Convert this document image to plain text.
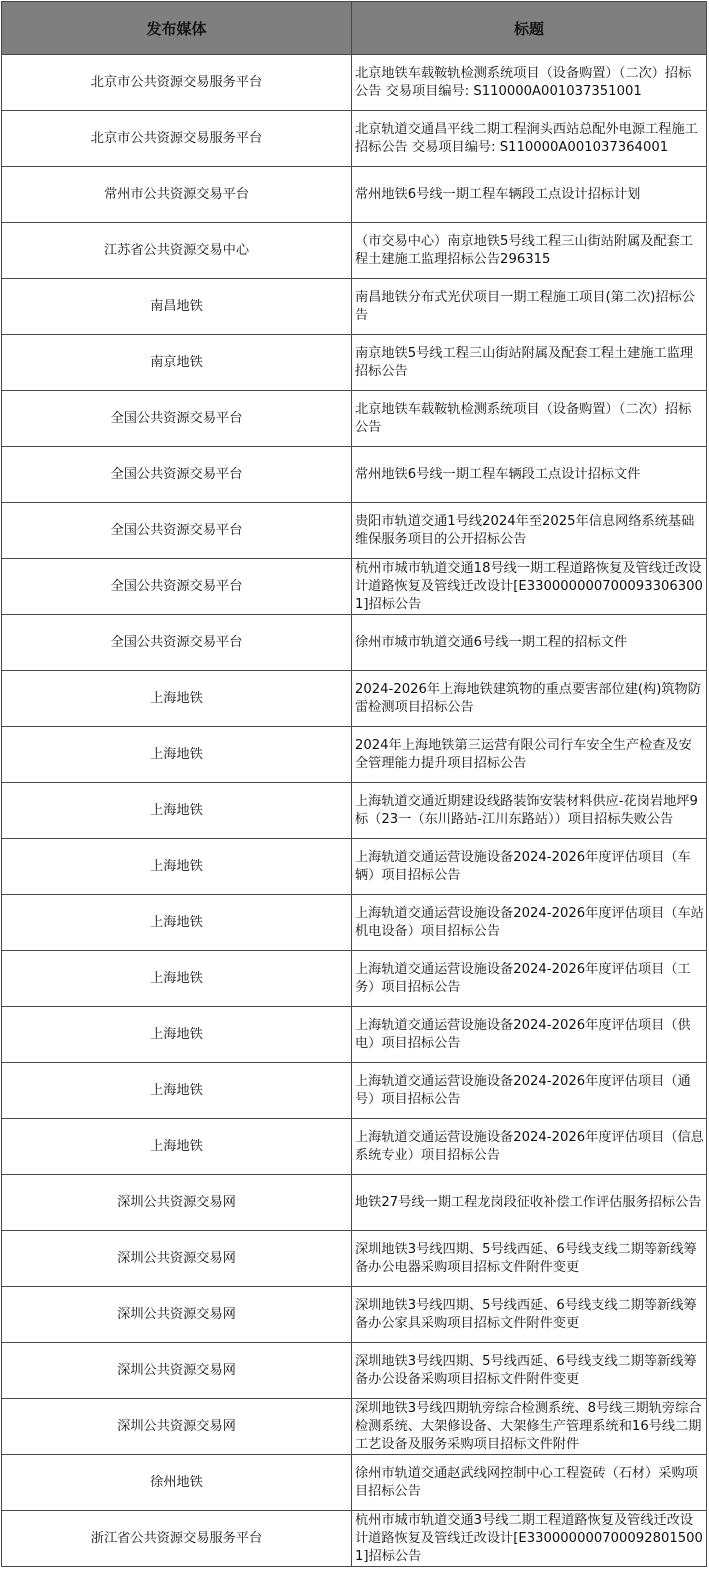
发布媒体	标题
北京市公共资源交易服务平台	北京地铁车载鞍轨检测系统项目（设备购置）（二次）招标公告 交易项目编号: S110000A001037351001

北京市公共资源交易服务平台	北京轨道交通昌平线二期工程涧头西站总配外电源工程施工招标公告 交易项目编号: S110000A001037364001

常州市公共资源交易平台	常州地铁6号线一期工程车辆段工点设计招标计划

江苏省公共资源交易中心	（市交易中心）南京地铁5号线工程三山街站附属及配套工程土建施工监理招标公告296315

南昌地铁	南昌地铁分布式光伏项目一期工程施工项目(第二次)招标公告

南京地铁	南京地铁5号线工程三山街站附属及配套工程土建施工监理招标公告

全国公共资源交易平台	北京地铁车载鞍轨检测系统项目（设备购置）（二次）招标公告

全国公共资源交易平台	常州地铁6号线一期工程车辆段工点设计招标文件

全国公共资源交易平台	贵阳市轨道交通1号线2024年至2025年信息网络系统基础维保服务项目的公开招标公告

全国公共资源交易平台	杭州市城市轨道交通18号线一期工程道路恢复及管线迁改设计道路恢复及管线迁改设计[E3300000007000933063001]招标公告

全国公共资源交易平台	徐州市城市轨道交通6号线一期工程的招标文件

上海地铁	2024-2026年上海地铁建筑物的重点要害部位建(构)筑物防雷检测项目招标公告

上海地铁	2024年上海地铁第三运营有限公司行车安全生产检查及安全管理能力提升项目招标公告

上海地铁	上海轨道交通近期建设线路装饰安装材料供应-花岗岩地坪9标（23一（东川路站-江川东路站））项目招标失败公告

上海地铁	上海轨道交通运营设施设备2024-2026年度评估项目（车辆）项目招标公告

上海地铁	上海轨道交通运营设施设备2024-2026年度评估项目（车站机电设备）项目招标公告

上海地铁	上海轨道交通运营设施设备2024-2026年度评估项目（工务）项目招标公告

上海地铁	上海轨道交通运营设施设备2024-2026年度评估项目（供电）项目招标公告

上海地铁	上海轨道交通运营设施设备2024-2026年度评估项目（通号）项目招标公告

上海地铁	上海轨道交通运营设施设备2024-2026年度评估项目（信息系统专业）项目招标公告

深圳公共资源交易网	地铁27号线一期工程龙岗段征收补偿工作评估服务招标公告

深圳公共资源交易网	深圳地铁3号线四期、5号线西延、6号线支线二期等新线筹备办公电器采购项目招标文件附件变更

深圳公共资源交易网	深圳地铁3号线四期、5号线西延、6号线支线二期等新线筹备办公家具采购项目招标文件附件变更

深圳公共资源交易网	深圳地铁3号线四期、5号线西延、6号线支线二期等新线筹备办公设备采购项目招标文件附件变更

深圳公共资源交易网	深圳地铁3号线四期轨旁综合检测系统、8号线三期轨旁综合检测系统、大架修设备、大架修生产管理系统和16号线二期工艺设备及服务采购项目招标文件附件

徐州地铁	徐州市轨道交通赵武线网控制中心工程瓷砖（石材）采购项目招标公告

浙江省公共资源交易服务平台	杭州市城市轨道交通3号线二期工程道路恢复及管线迁改设计道路恢复及管线迁改设计[E3300000007000928015001]招标公告
